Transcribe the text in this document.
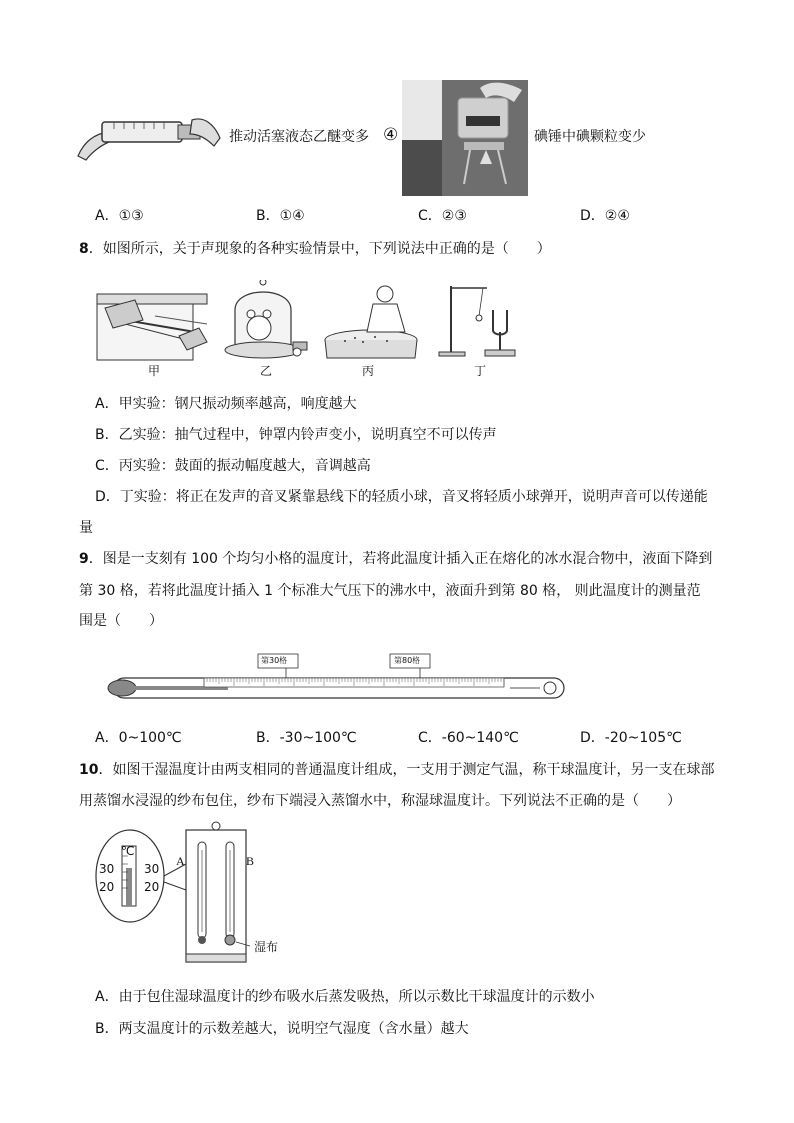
推动活塞液态乙醚变多 ④	碘锤中碘颗粒变少
A．①③	B．①④	C．②③	D．②④
8．如图所示，关于声现象的各种实验情景中，下列说法中正确的是（　　）
甲	乙	丙	丁
A．甲实验：钢尺振动频率越高，响度越大
B．乙实验：抽气过程中，钟罩内铃声变小，说明真空不可以传声
C．丙实验：鼓面的振动幅度越大，音调越高
D．丁实验：将正在发声的音叉紧靠悬线下的轻质小球，音叉将轻质小球弹开，说明声音可以传递能
量
9．图是一支刻有 100 个均匀小格的温度计，若将此温度计插入正在熔化的冰水混合物中，液面下降到
第 30 格，若将此温度计插入 1 个标准大气压下的沸水中，液面升到第 80 格， 则此温度计的测量范
围是（　　）
第30格	第80格
A．0~100℃	B．-30~100℃	C．-60~140℃	D．-20~105℃
10．如图干湿温度计由两支相同的普通温度计组成，一支用于测定气温，称干球温度计，另一支在球部
用蒸馏水浸湿的纱布包住，纱布下端浸入蒸馏水中，称湿球温度计。下列说法不正确的是（　　）
℃
30
20
30
20
A	B
湿布
A．由于包住湿球温度计的纱布吸水后蒸发吸热，所以示数比干球温度计的示数小
B．两支温度计的示数差越大，说明空气湿度（含水量）越大
